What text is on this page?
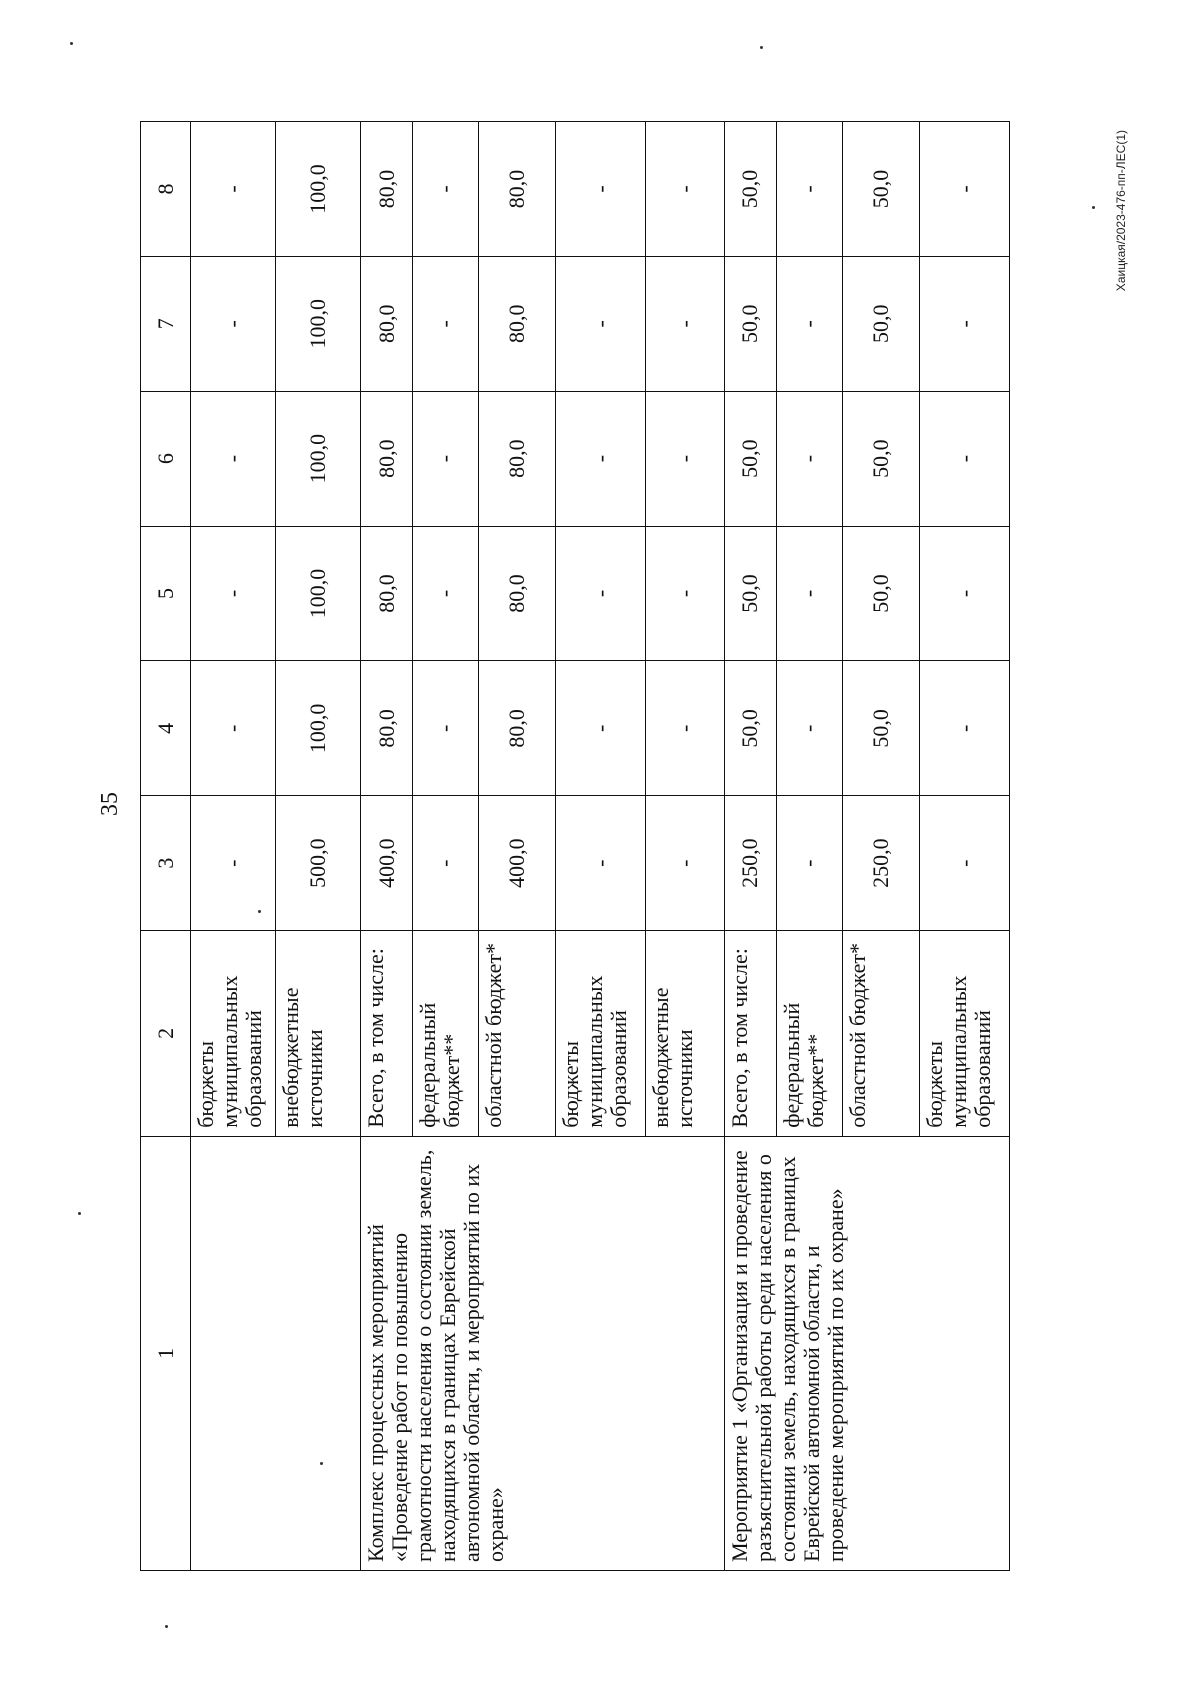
35
Хаицкая/2023-476-пп-ЛЕС(1)
1	2	3	4	5	6	7	8
	бюджеты муниципальных образований	-	-	-	-	-	-
	внебюджетные источники	500,0	100,0	100,0	100,0	100,0	100,0
Комплекс процессных мероприятий «Проведение работ по повышению грамотности населения о состоянии земель, находящихся в границах Еврейской автономной области, и мероприятий по их охране»	Всего, в том числе:	400,0	80,0	80,0	80,0	80,0	80,0
	федеральный бюджет**	-	-	-	-	-	-
	областной бюджет*	400,0	80,0	80,0	80,0	80,0	80,0
	бюджеты муниципальных образований	-	-	-	-	-	-
	внебюджетные источники	-	-	-	-	-	-
Мероприятие 1 «Организация и проведение разъяснительной работы среди населения о состоянии земель, находящихся в границах Еврейской автономной области, и проведение мероприятий по их охране»	Всего, в том числе:	250,0	50,0	50,0	50,0	50,0	50,0
	федеральный бюджет**	-	-	-	-	-	-
	областной бюджет*	250,0	50,0	50,0	50,0	50,0	50,0
	бюджеты муниципальных образований	-	-	-	-	-	-
